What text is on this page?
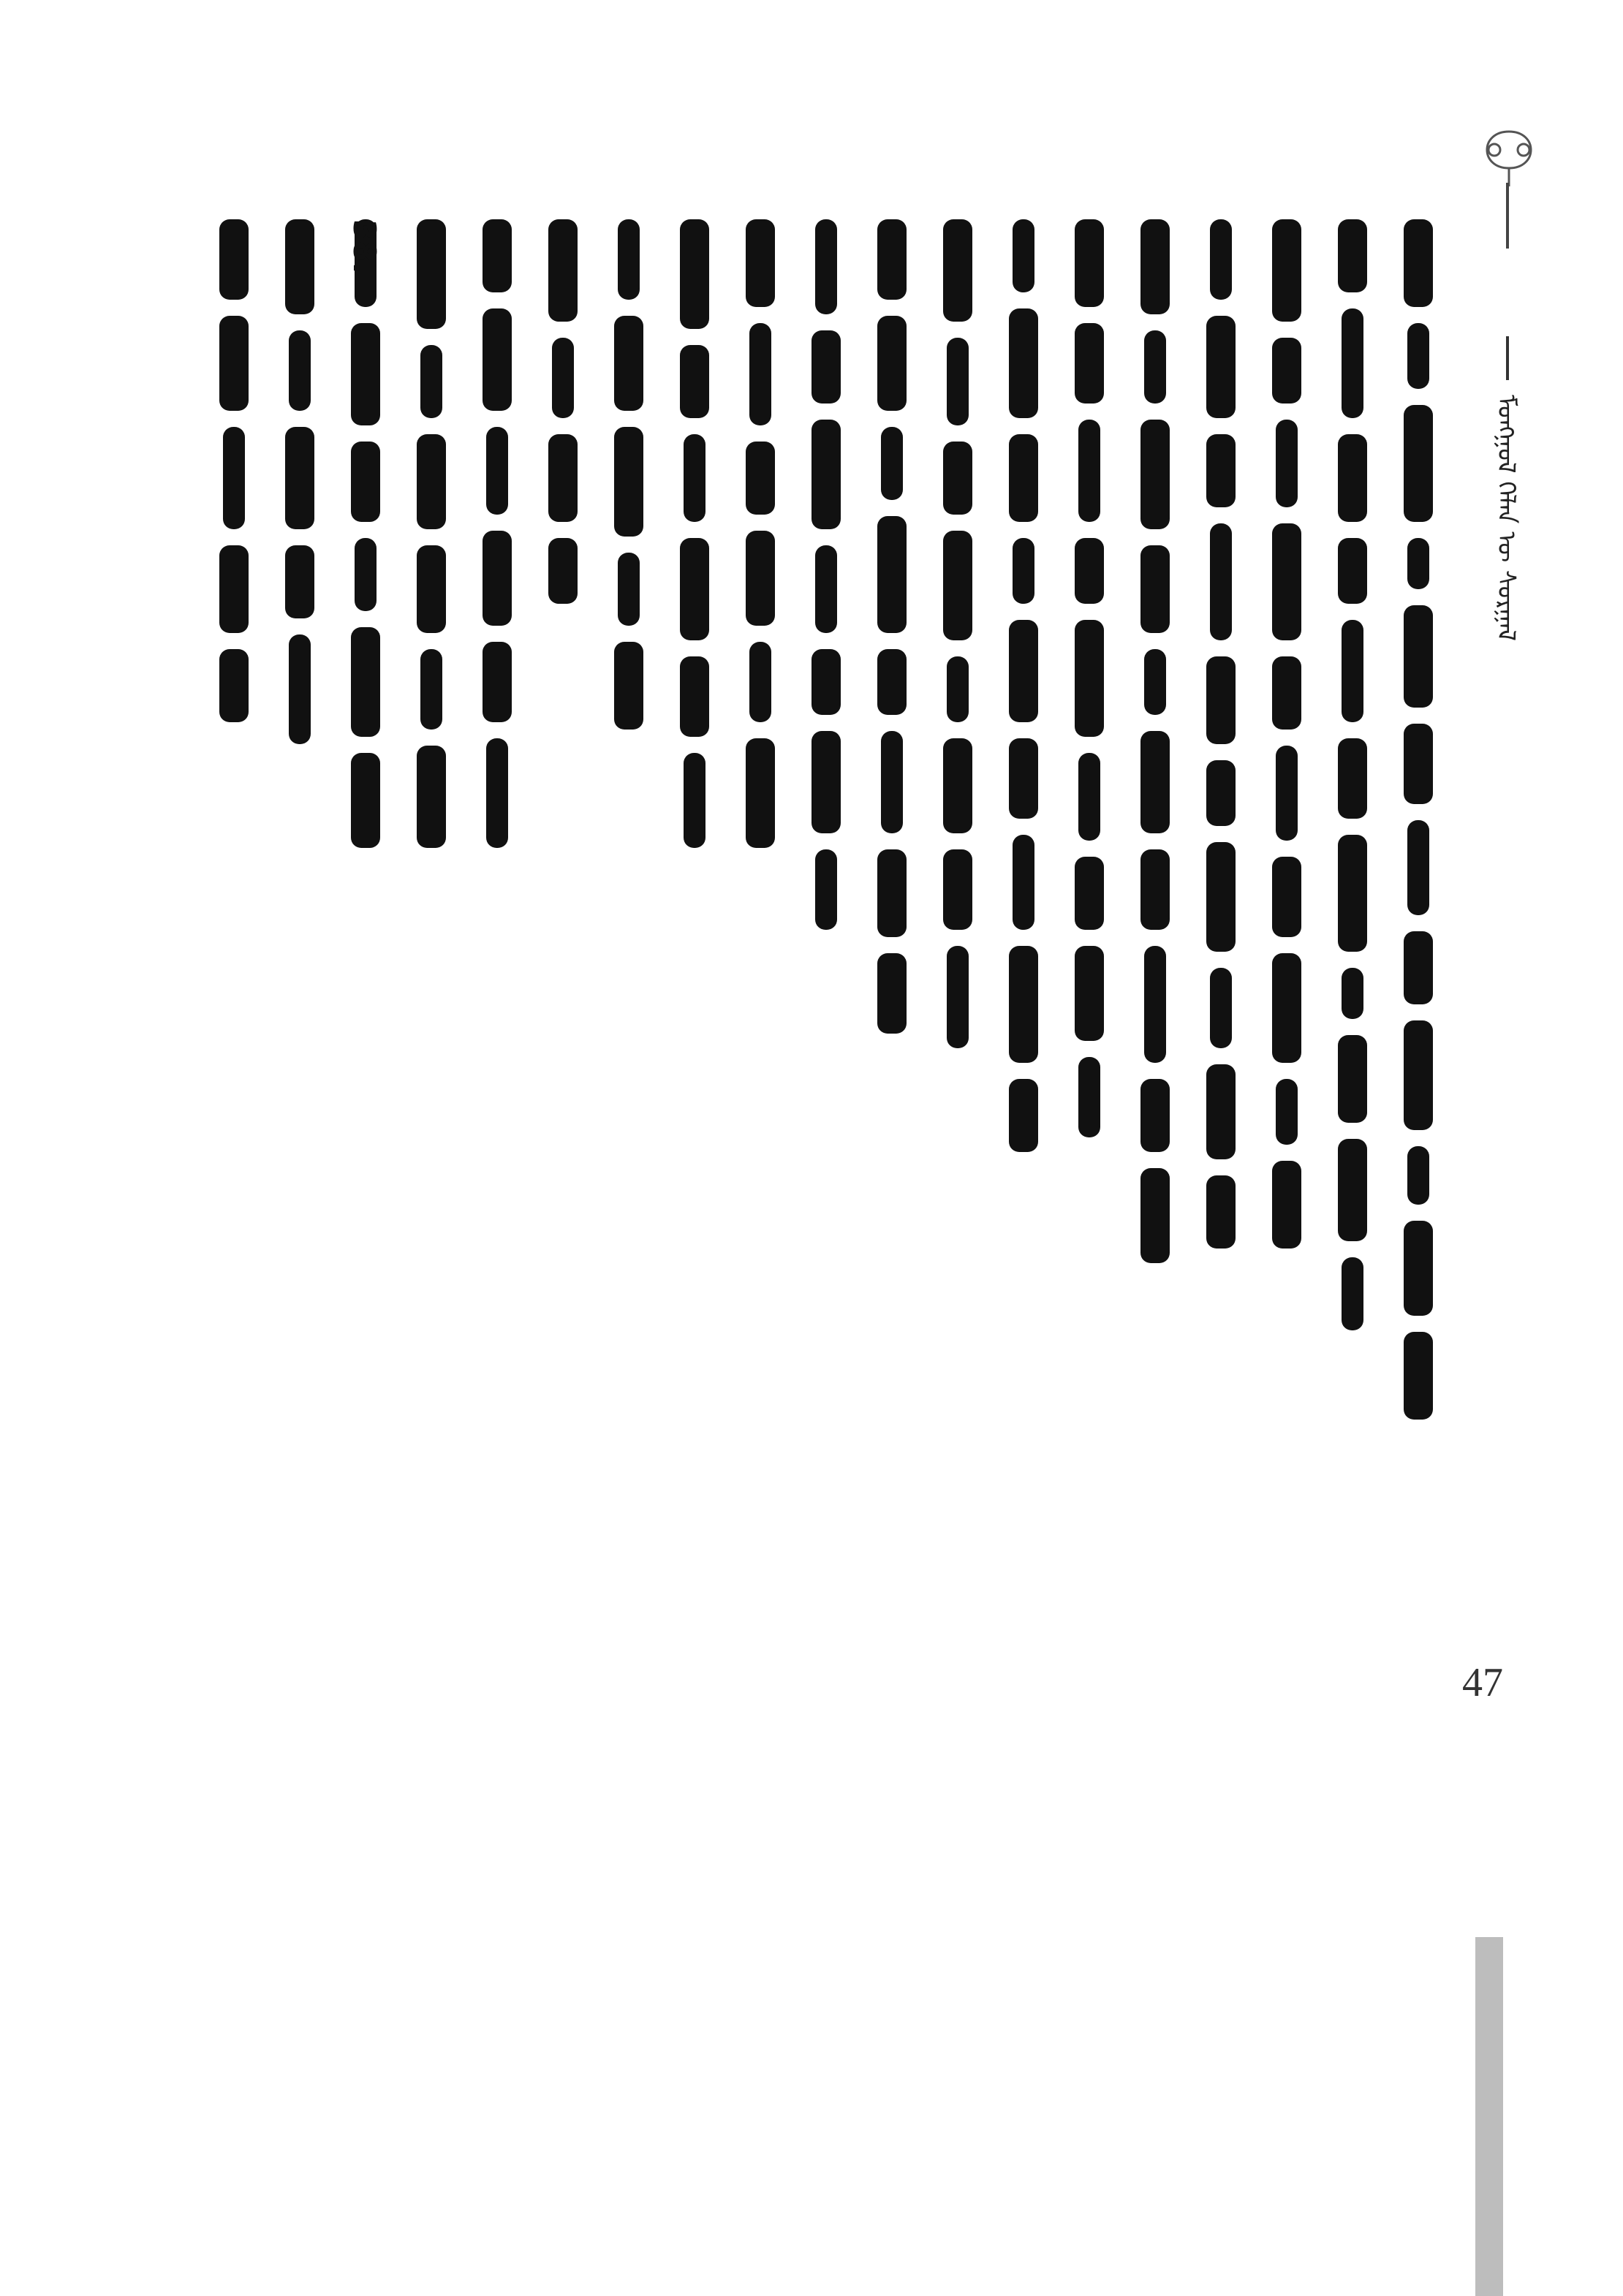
ᠮᠣᠩᠭᠣᠯ ᠬᠡᠯᠡᠨ ᠦ ᠰᠤᠷᠭᠠᠯ
38.
47
